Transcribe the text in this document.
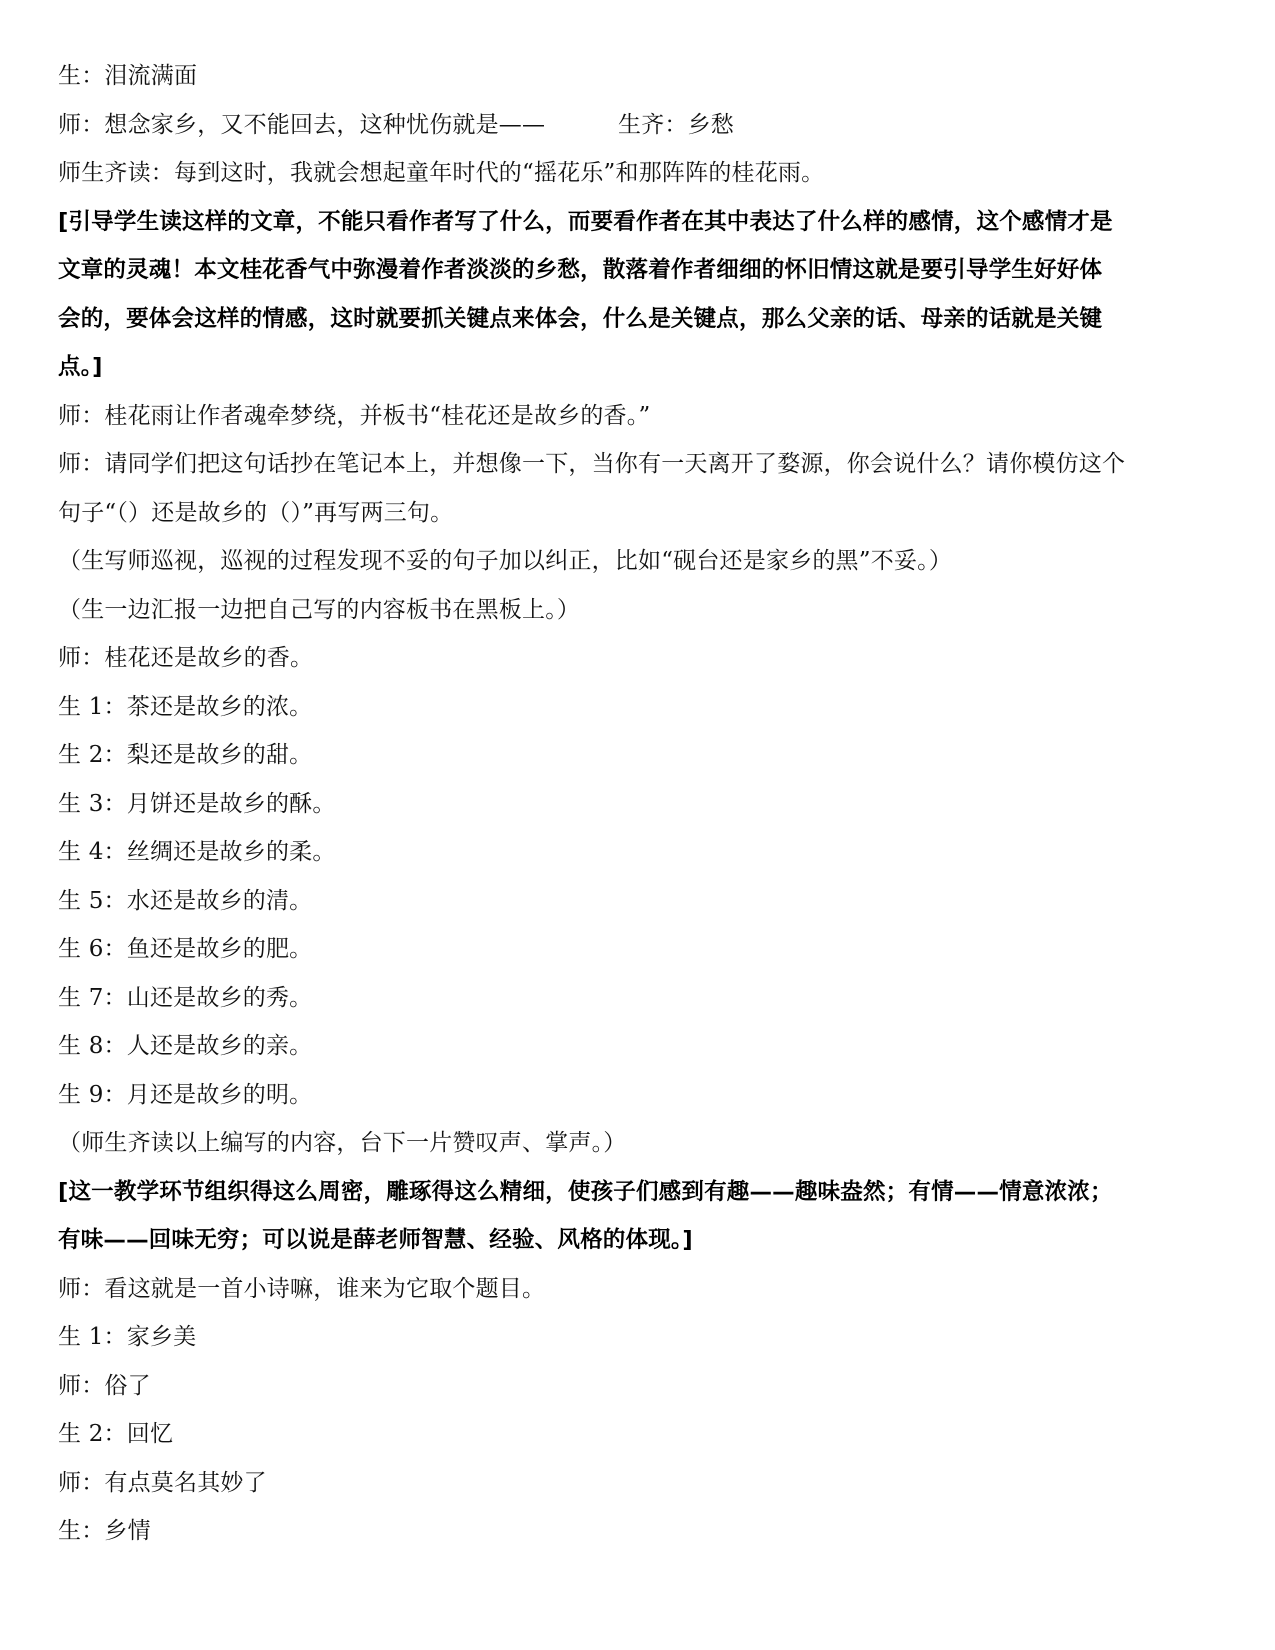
生：泪流满面
师：想念家乡，又不能回去，这种忧伤就是——	生齐：乡愁
师生齐读：每到这时，我就会想起童年时代的“摇花乐”和那阵阵的桂花雨。
[引导学生读这样的文章，不能只看作者写了什么，而要看作者在其中表达了什么样的感情，这个感情才是
文章的灵魂！本文桂花香气中弥漫着作者淡淡的乡愁，散落着作者细细的怀旧情这就是要引导学生好好体
会的，要体会这样的情感，这时就要抓关键点来体会，什么是关键点，那么父亲的话、母亲的话就是关键
点。]
师：桂花雨让作者魂牵梦绕，并板书“桂花还是故乡的香。”
师：请同学们把这句话抄在笔记本上，并想像一下，当你有一天离开了婺源，你会说什么？请你模仿这个
句子“（）还是故乡的（）”再写两三句。
（生写师巡视，巡视的过程发现不妥的句子加以纠正，比如“砚台还是家乡的黑”不妥。）
（生一边汇报一边把自己写的内容板书在黑板上。）
师：桂花还是故乡的香。
生 1：茶还是故乡的浓。
生 2：梨还是故乡的甜。
生 3：月饼还是故乡的酥。
生 4：丝绸还是故乡的柔。
生 5：水还是故乡的清。
生 6：鱼还是故乡的肥。
生 7：山还是故乡的秀。
生 8：人还是故乡的亲。
生 9：月还是故乡的明。
（师生齐读以上编写的内容，台下一片赞叹声、掌声。）
[这一教学环节组织得这么周密，雕琢得这么精细，使孩子们感到有趣——趣味盎然；有情——情意浓浓；
有味——回味无穷；可以说是薛老师智慧、经验、风格的体现。]
师：看这就是一首小诗嘛，谁来为它取个题目。
生 1：家乡美
师：俗了
生 2：回忆
师：有点莫名其妙了
生：乡情
